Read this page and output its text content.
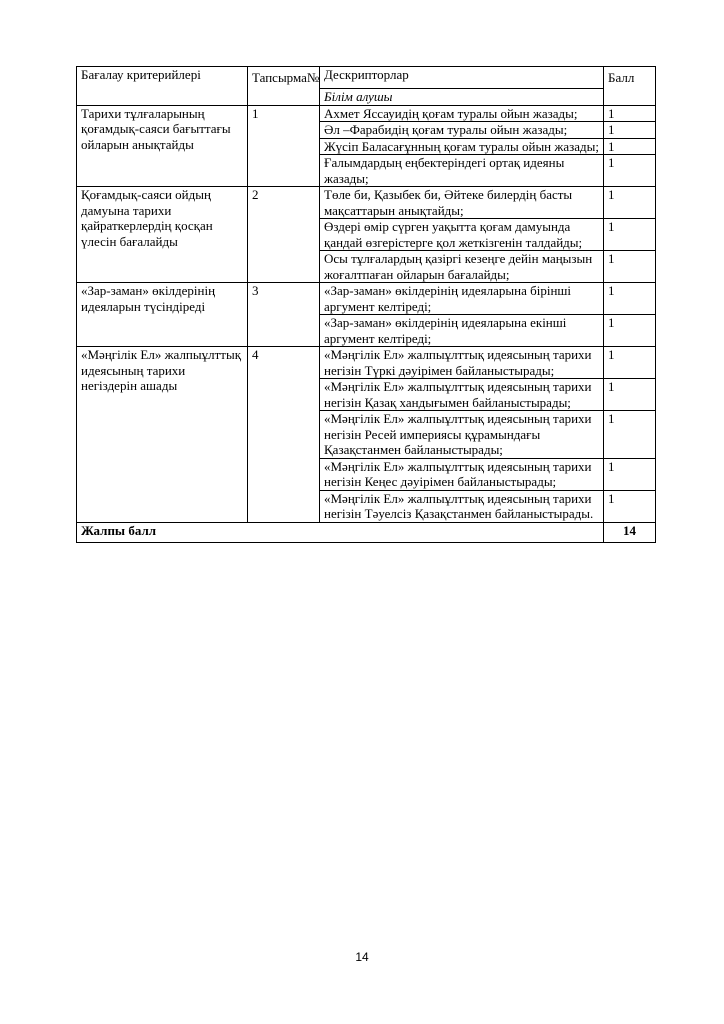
Бағалау критерийлері	Тапсырма№	Дескрипторлар	Балл
		Білім алушы	
Тарихи тұлғаларының қоғамдық-саяси бағыттағы ойларын анықтайды	1	Ахмет Яссауидің қоғам туралы ойын жазады;	1
		Әл –Фарабидің қоғам туралы ойын жазады;	1
		Жүсіп Баласағұнның қоғам туралы ойын жазады;	1
		Ғалымдардың еңбектеріндегі ортақ идеяны жазады;	1
Қоғамдық-саяси ойдың дамуына тарихи қайраткерлердің қосқан үлесін бағалайды	2	Төле би, Қазыбек би, Әйтеке билердің басты мақсаттарын анықтайды;	1
		Өздері өмір сүрген уақытта қоғам дамуында қандай өзгерістерге қол жеткізгенін талдайды;	1
		Осы тұлғалардың қазіргі кезеңге дейін маңызын жоғалтпаған ойларын бағалайды;	1
«Зар-заман» өкілдерінің идеяларын түсіндіреді	3	«Зар-заман» өкілдерінің идеяларына бірінші аргумент келтіреді;	1
		«Зар-заман» өкілдерінің идеяларына екінші аргумент келтіреді;	1
«Мәңгілік Ел» жалпыұлттық идеясының тарихи негіздерін ашады	4	«Мәңгілік Ел» жалпыұлттық идеясының тарихи негізін Түркі дәуірімен байланыстырады;	1
		«Мәңгілік Ел» жалпыұлттық идеясының тарихи негізін Қазақ хандығымен байланыстырады;	1
		«Мәңгілік Ел» жалпыұлттық идеясының тарихи негізін Ресей империясы құрамындағы Қазақстанмен байланыстырады;	1
		«Мәңгілік Ел» жалпыұлттық идеясының тарихи негізін Кеңес дәуірімен байланыстырады;	1
		«Мәңгілік Ел» жалпыұлттық идеясының тарихи негізін Тәуелсіз Қазақстанмен байланыстырады.	1
Жалпы балл			14
14
